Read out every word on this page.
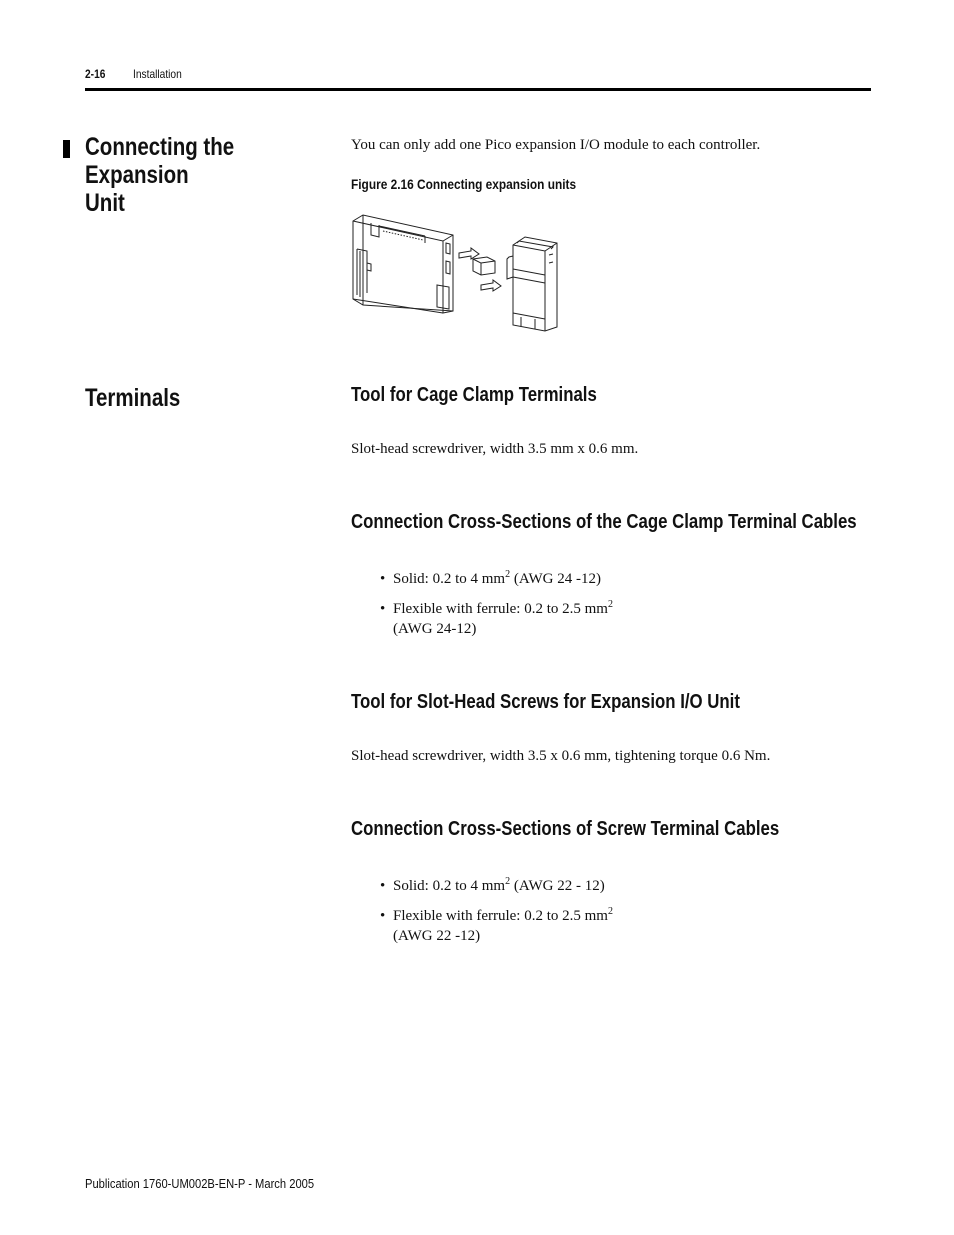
2-16 Installation
Connecting the Expansion
Unit
You can only add one Pico expansion I/O module to each controller.
Figure 2.16 Connecting expansion units
Terminals	Tool for Cage Clamp Terminals
Slot-head screwdriver, width 3.5 mm x 0.6 mm.
Connection Cross-Sections of the Cage Clamp Terminal Cables
• Solid: 0.2 to 4 $mm^2$ (AWG 24 -12)
• Flexible with ferrule: 0.2 to 2.5 $mm^2$
(AWG 24-12)
Tool for Slot-Head Screws for Expansion I/O Unit
Slot-head screwdriver, width 3.5 x 0.6 mm, tightening torque 0.6 Nm.
Connection Cross-Sections of Screw Terminal Cables
• Solid: 0.2 to 4 $mm^2$ (AWG 22 - 12)
• Flexible with ferrule: 0.2 to 2.5 $mm^2$
(AWG 22 -12)
Publication 1760-UM002B-EN-P - March 2005
